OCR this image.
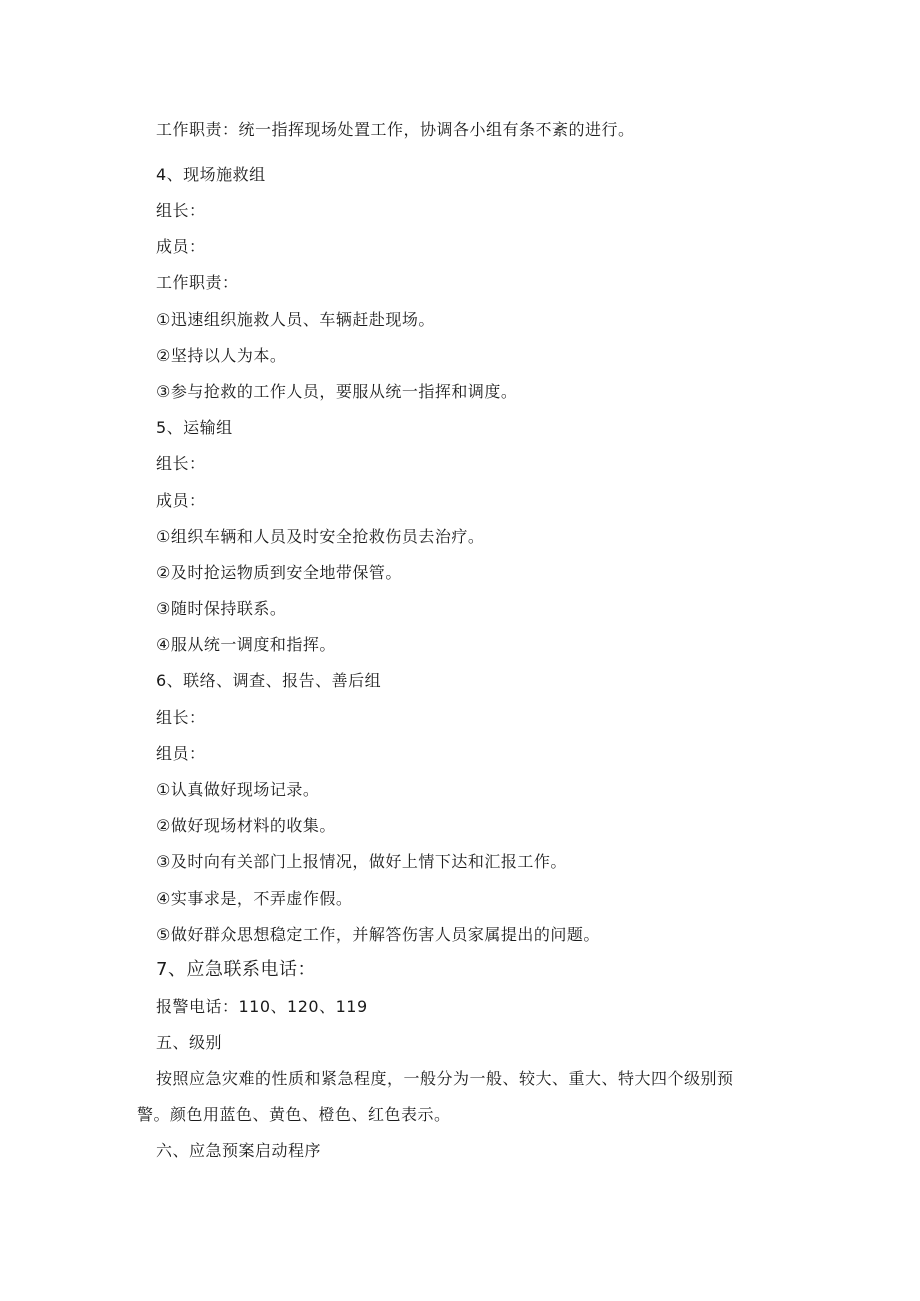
工作职责：统一指挥现场处置工作，协调各小组有条不紊的进行。
4、现场施救组
组长：
成员：
工作职责：
①迅速组织施救人员、车辆赶赴现场。
②坚持以人为本。
③参与抢救的工作人员，要服从统一指挥和调度。
5、运输组
组长：
成员：
①组织车辆和人员及时安全抢救伤员去治疗。
②及时抢运物质到安全地带保管。
③随时保持联系。
④服从统一调度和指挥。
6、联络、调查、报告、善后组
组长：
组员：
①认真做好现场记录。
②做好现场材料的收集。
③及时向有关部门上报情况，做好上情下达和汇报工作。
④实事求是，不弄虚作假。
⑤做好群众思想稳定工作，并解答伤害人员家属提出的问题。
7、应急联系电话：
报警电话：110、120、119
五、级别
按照应急灾难的性质和紧急程度，一般分为一般、较大、重大、特大四个级别预
警。颜色用蓝色、黄色、橙色、红色表示。
六、应急预案启动程序
